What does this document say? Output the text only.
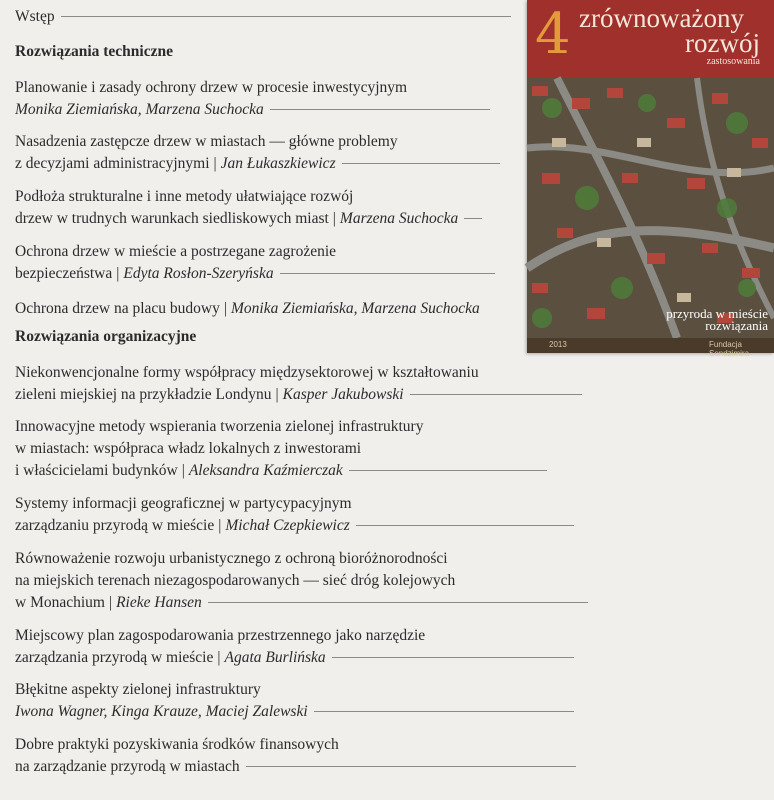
Wstęp
Rozwiązania techniczne
Planowanie i zasady ochrony drzew w procesie inwestycyjnym
Monika Ziemiańska, Marzena Suchocka
Nasadzenia zastępcze drzew w miastach — główne problemy
z decyzjami administracyjnymi | Jan Łukaszkiewicz
Podłoża strukturalne i inne metody ułatwiające rozwój
drzew w trudnych warunkach siedliskowych miast | Marzena Suchocka
Ochrona drzew w mieście a postrzegane zagrożenie
bezpieczeństwa | Edyta Rosłon-Szeryńska
Ochrona drzew na placu budowy | Monika Ziemiańska, Marzena Suchocka
Rozwiązania organizacyjne
Niekonwencjonalne formy współpracy międzysektorowej w kształtowaniu
zieleni miejskiej na przykładzie Londynu | Kasper Jakubowski
Innowacyjne metody wspierania tworzenia zielonej infrastruktury
w miastach: współpraca władz lokalnych z inwestorami
i właścicielami budynków | Aleksandra Kaźmierczak
Systemy informacji geograficznej w partycypacyjnym
zarządzaniu przyrodą w mieście | Michał Czepkiewicz
Równoważenie rozwoju urbanistycznego z ochroną bioróżnorodności
na miejskich terenach niezagospodarowanych — sieć dróg kolejowych
w Monachium | Rieke Hansen
Miejscowy plan zagospodarowania przestrzennego jako narzędzie
zarządzania przyrodą w mieście | Agata Burlińska
Błękitne aspekty zielonej infrastruktury
Iwona Wagner, Kinga Krauze, Maciej Zalewski
Dobre praktyki pozyskiwania środków finansowych
na zarządzanie przyrodą w miastach
4 zrównoważony
rozwój
zastosowania
przyroda w mieście
rozwiązania
2013	Fundacja Sendzimira
